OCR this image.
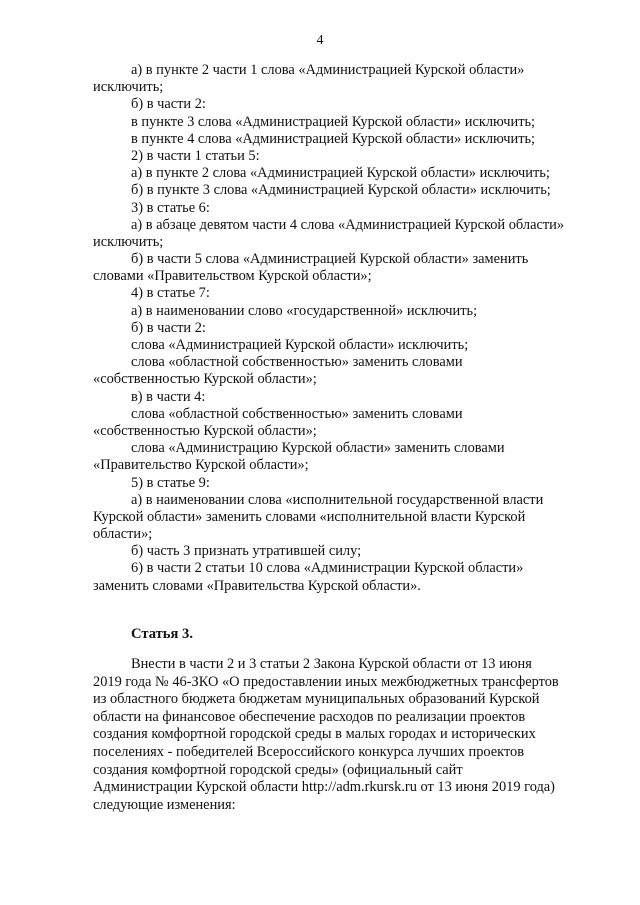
4
а) в пункте 2 части 1 слова «Администрацией Курской области»
исключить;
б) в части 2:
в пункте 3 слова «Администрацией Курской области» исключить;
в пункте 4 слова «Администрацией Курской области» исключить;
2) в части 1 статьи 5:
а) в пункте 2 слова «Администрацией Курской области» исключить;
б) в пункте 3 слова «Администрацией Курской области» исключить;
3) в статье 6:
а) в абзаце девятом части 4 слова «Администрацией Курской области»
исключить;
б) в части 5 слова «Администрацией Курской области» заменить
словами «Правительством Курской области»;
4) в статье 7:
а) в наименовании слово «государственной» исключить;
б) в части 2:
слова «Администрацией Курской области» исключить;
слова «областной собственностью» заменить словами
«собственностью Курской области»;
в) в части 4:
слова «областной собственностью» заменить словами
«собственностью Курской области»;
слова «Администрацию Курской области» заменить словами
«Правительство Курской области»;
5) в статье 9:
а) в наименовании слова «исполнительной государственной власти
Курской области» заменить словами «исполнительной власти Курской
области»;
б) часть 3 признать утратившей силу;
6) в части 2 статьи 10 слова «Администрации Курской области»
заменить словами «Правительства Курской области».
Статья 3.
Внести в части 2 и 3 статьи 2 Закона Курской области от 13 июня
2019 года № 46-ЗКО «О предоставлении иных межбюджетных трансфертов
из областного бюджета бюджетам муниципальных образований Курской
области на финансовое обеспечение расходов по реализации проектов
создания комфортной городской среды в малых городах и исторических
поселениях - победителей Всероссийского конкурса лучших проектов
создания комфортной городской среды» (официальный сайт
Администрации Курской области http://adm.rkursk.ru от 13 июня 2019 года)
следующие изменения:
